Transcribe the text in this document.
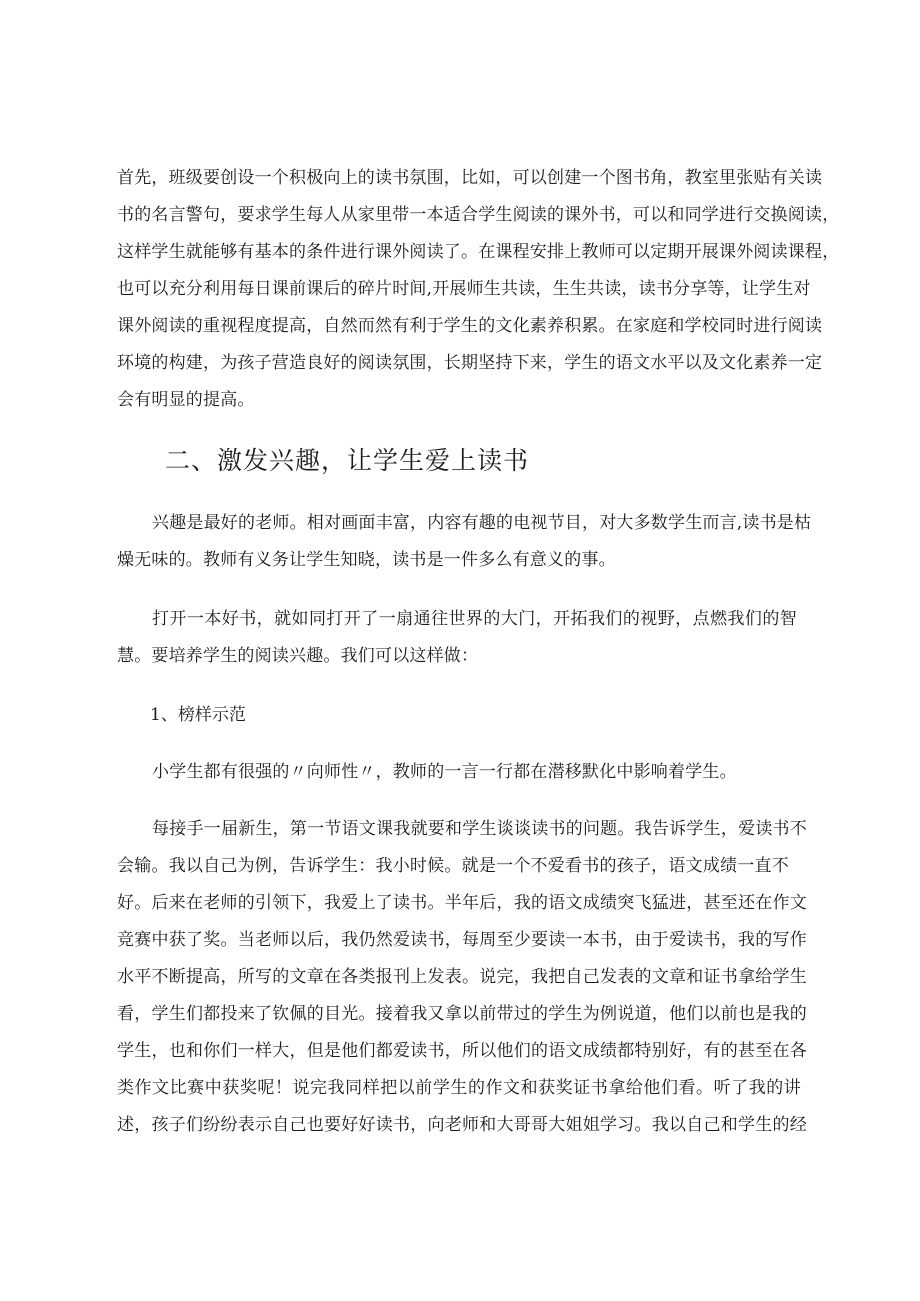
首先，班级要创设一个积极向上的读书氛围，比如，可以创建一个图书角，教室里张贴有关读
书的名言警句，要求学生每人从家里带一本适合学生阅读的课外书，可以和同学进行交换阅读，
这样学生就能够有基本的条件进行课外阅读了。在课程安排上教师可以定期开展课外阅读课程，
也可以充分利用每日课前课后的碎片时间,开展师生共读，生生共读，读书分享等，让学生对
课外阅读的重视程度提高，自然而然有利于学生的文化素养积累。在家庭和学校同时进行阅读
环境的构建，为孩子营造良好的阅读氛围，长期坚持下来，学生的语文水平以及文化素养一定
会有明显的提高。
二、激发兴趣，让学生爱上读书
兴趣是最好的老师。相对画面丰富，内容有趣的电视节目，对大多数学生而言,读书是枯
燥无味的。教师有义务让学生知晓，读书是一件多么有意义的事。
打开一本好书，就如同打开了一扇通往世界的大门，开拓我们的视野，点燃我们的智
慧。要培养学生的阅读兴趣。我们可以这样做：
1、榜样示范
小学生都有很强的〃向师性〃，教师的一言一行都在潜移默化中影响着学生。
每接手一届新生，第一节语文课我就要和学生谈谈读书的问题。我告诉学生，爱读书不
会输。我以自己为例，告诉学生：我小时候。就是一个不爱看书的孩子，语文成绩一直不
好。后来在老师的引领下，我爱上了读书。半年后，我的语文成绩突飞猛进，甚至还在作文
竞赛中获了奖。当老师以后，我仍然爱读书，每周至少要读一本书，由于爱读书，我的写作
水平不断提高，所写的文章在各类报刊上发表。说完，我把自己发表的文章和证书拿给学生
看，学生们都投来了钦佩的目光。接着我又拿以前带过的学生为例说道，他们以前也是我的
学生，也和你们一样大，但是他们都爱读书，所以他们的语文成绩都特别好，有的甚至在各
类作文比赛中获奖呢！说完我同样把以前学生的作文和获奖证书拿给他们看。听了我的讲
述，孩子们纷纷表示自己也要好好读书，向老师和大哥哥大姐姐学习。我以自己和学生的经
